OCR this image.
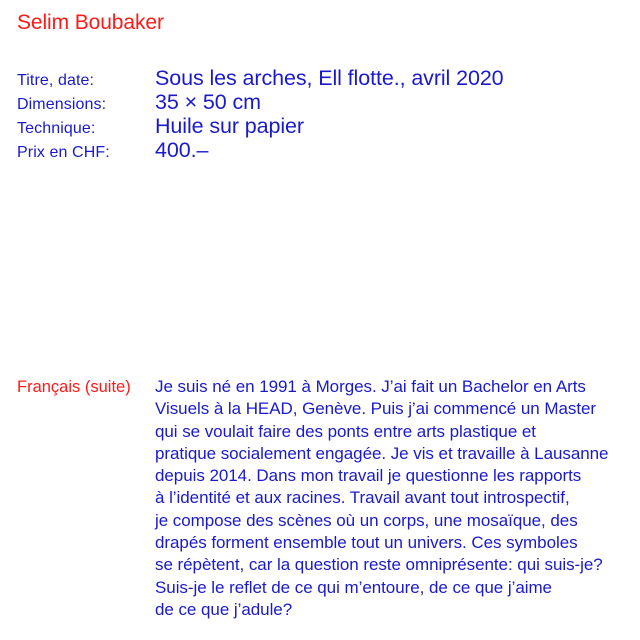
Selim Boubaker
Titre, date:	Sous les arches, Ell flotte., avril 2020
Dimensions:	35 × 50 cm
Technique:	Huile sur papier
Prix en CHF:	400.–
Français (suite)	Je suis né en 1991 à Morges. J’ai fait un Bachelor en Arts
Visuels à la HEAD, Genève. Puis j’ai commencé un Master
qui se voulait faire des ponts entre arts plastique et
pratique socialement engagée. Je vis et travaille à Lausanne
depuis 2014. Dans mon travail je questionne les rapports
à l’identité et aux racines. Travail avant tout introspectif,
je compose des scènes où un corps, une mosaïque, des
drapés forment ensemble tout un univers. Ces symboles
se répètent, car la question reste omniprésente: qui suis-je?
Suis-je le reflet de ce qui m’entoure, de ce que j’aime
de ce que j’adule?
